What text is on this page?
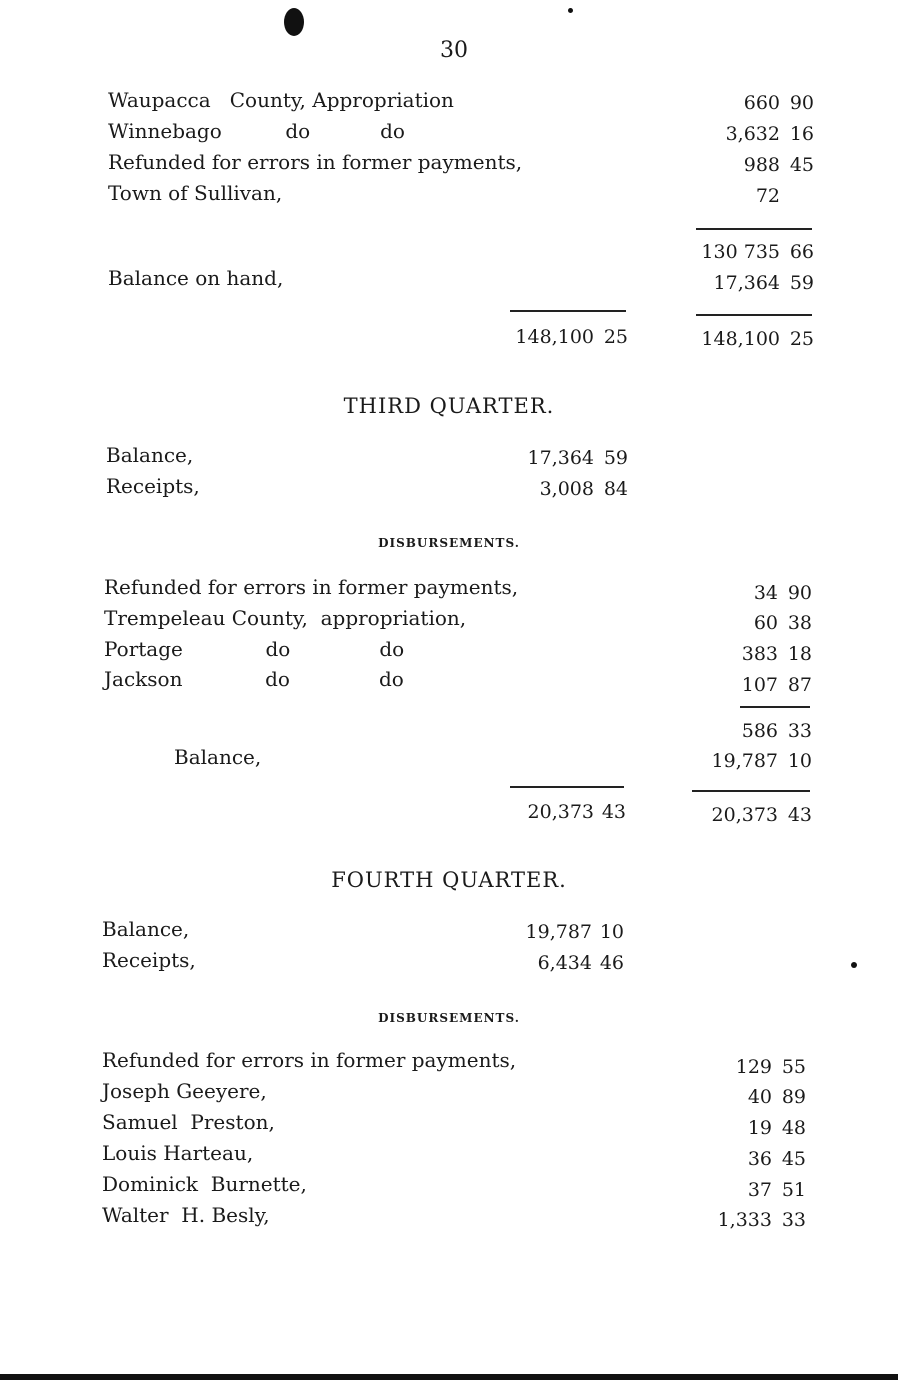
30
Waupacca   County, Appropriation	660 90
Winnebago          do           do	3,632 16
Refunded for errors in former payments,	988 45
Town of Sullivan,	72
130 735 66
Balance on hand,	17,364 59
148,100 25	148,100 25
THIRD QUARTER.
Balance,	17,364 59
Receipts,	3,008 84
DISBURSEMENTS.
Refunded for errors in former payments,	34 90
Trempeleau County,  appropriation,	60 38
Portage             do              do	383 18
Jackson             do              do	107 87
586 33
Balance,	19,787 10
20,373 43	20,373 43
FOURTH QUARTER.
Balance,	19,787 10
Receipts,	6,434 46
DISBURSEMENTS.
Refunded for errors in former payments,	129 55
Joseph Geeyere,	40 89
Samuel  Preston,	19 48
Louis Harteau,	36 45
Dominick  Burnette,	37 51
Walter  H. Besly,	1,333 33
